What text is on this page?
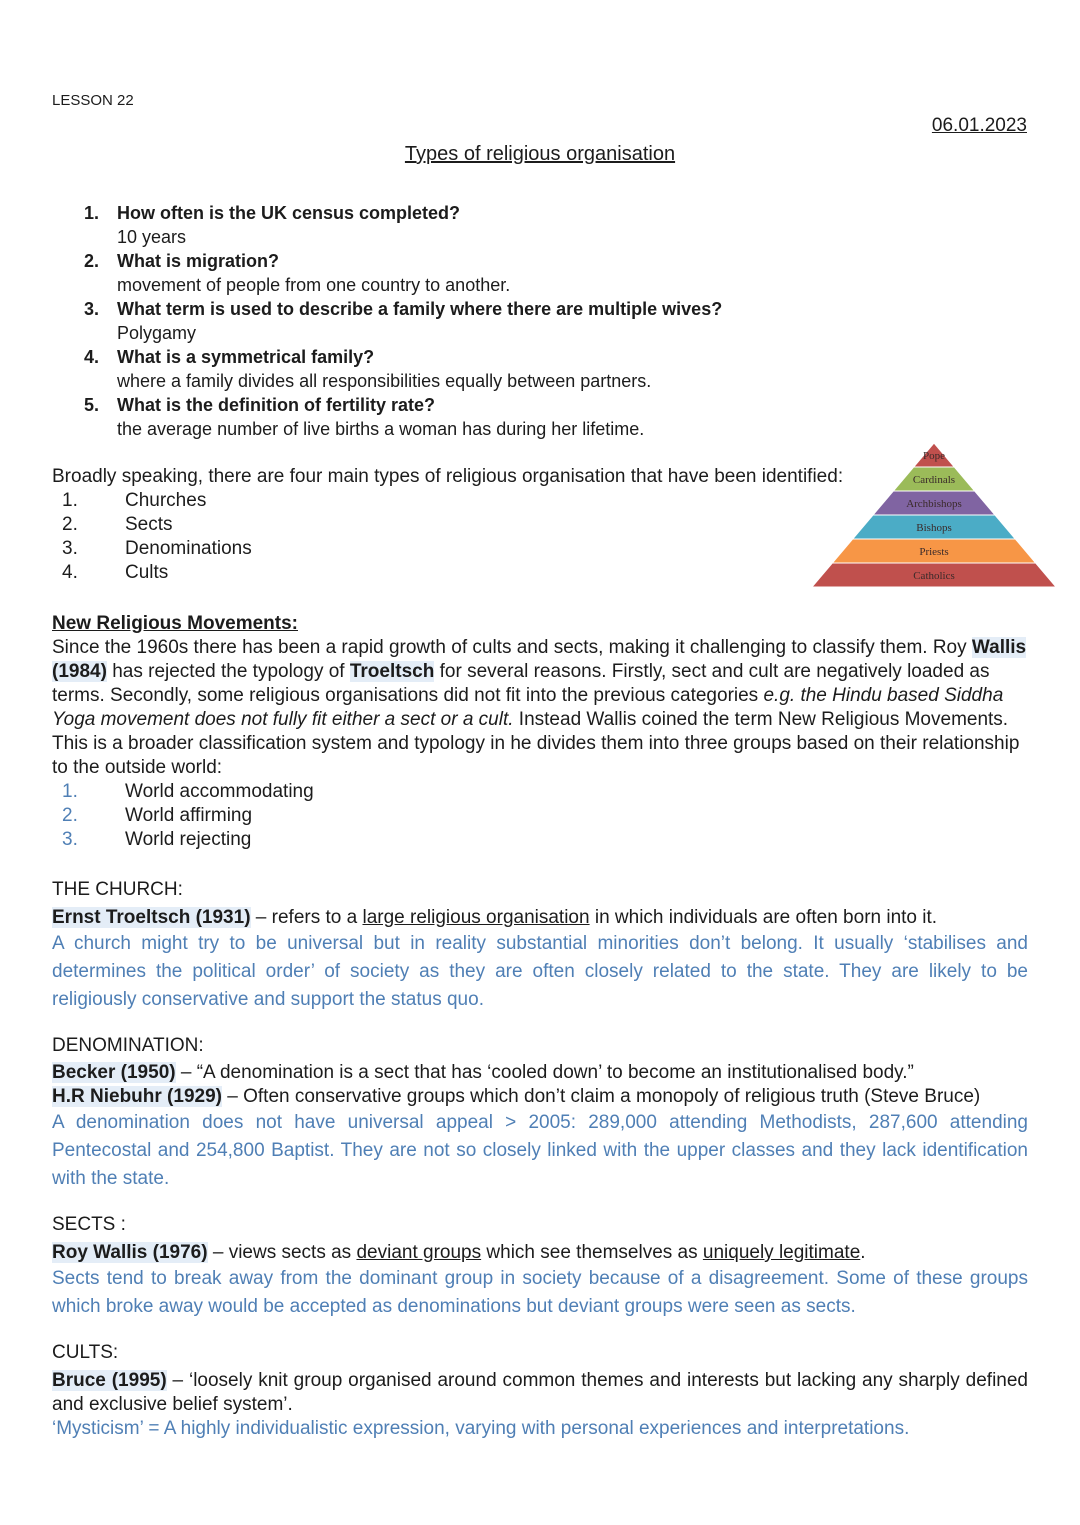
LESSON 22
06.01.2023
Types of religious organisation
1. How often is the UK census completed?
10 years
2. What is migration?
movement of people from one country to another.
3. What term is used to describe a family where there are multiple wives?
Polygamy
4. What is a symmetrical family?
where a family divides all responsibilities equally between partners.
5. What is the definition of fertility rate?
the average number of live births a woman has during her lifetime.
Broadly speaking, there are four main types of religious organisation that have been identified:
1.	Churches
2.	Sects
3.	Denominations
4.	Cults
Pope
Cardinals
Archbishops
Bishops
Priests
Catholics
New Religious Movements:

Since the 1960s there has been a rapid growth of cults and sects, making it challenging to classify them. Roy Wallis (1984) has rejected the typology of Troeltsch for several reasons. Firstly, sect and cult are negatively loaded as terms. Secondly, some religious organisations did not fit into the previous categories e.g. the Hindu based Siddha Yoga movement does not fully fit either a sect or a cult. Instead Wallis coined the term New Religious Movements. This is a broader classification system and typology in he divides them into three groups based on their relationship to the outside world:

1.	World accommodating
2.	World affirming
3.	World rejecting
THE CHURCH:
Ernst Troeltsch (1931) – refers to a large religious organisation in which individuals are often born into it.

A church might try to be universal but in reality substantial minorities don’t belong. It usually ‘stabilises and determines the political order’ of society as they are often closely related to the state. They are likely to be religiously conservative and support the status quo.

DENOMINATION:
Becker (1950) – “A denomination is a sect that has ‘cooled down’ to become an institutionalised body.”
H.R Niebuhr (1929) – Often conservative groups which don’t claim a monopoly of religious truth (Steve Bruce)

A denomination does not have universal appeal > 2005: 289,000 attending Methodists, 287,600 attending Pentecostal and 254,800 Baptist. They are not so closely linked with the upper classes and they lack identification with the state.

SECTS :
Roy Wallis (1976) – views sects as deviant groups which see themselves as uniquely legitimate.

Sects tend to break away from the dominant group in society because of a disagreement. Some of these groups which broke away would be accepted as denominations but deviant groups were seen as sects.

CULTS:
Bruce (1995) – ‘loosely knit group organised around common themes and interests but lacking any sharply defined and exclusive belief system’.

‘Mysticism’ = A highly individualistic expression, varying with personal experiences and interpretations.
